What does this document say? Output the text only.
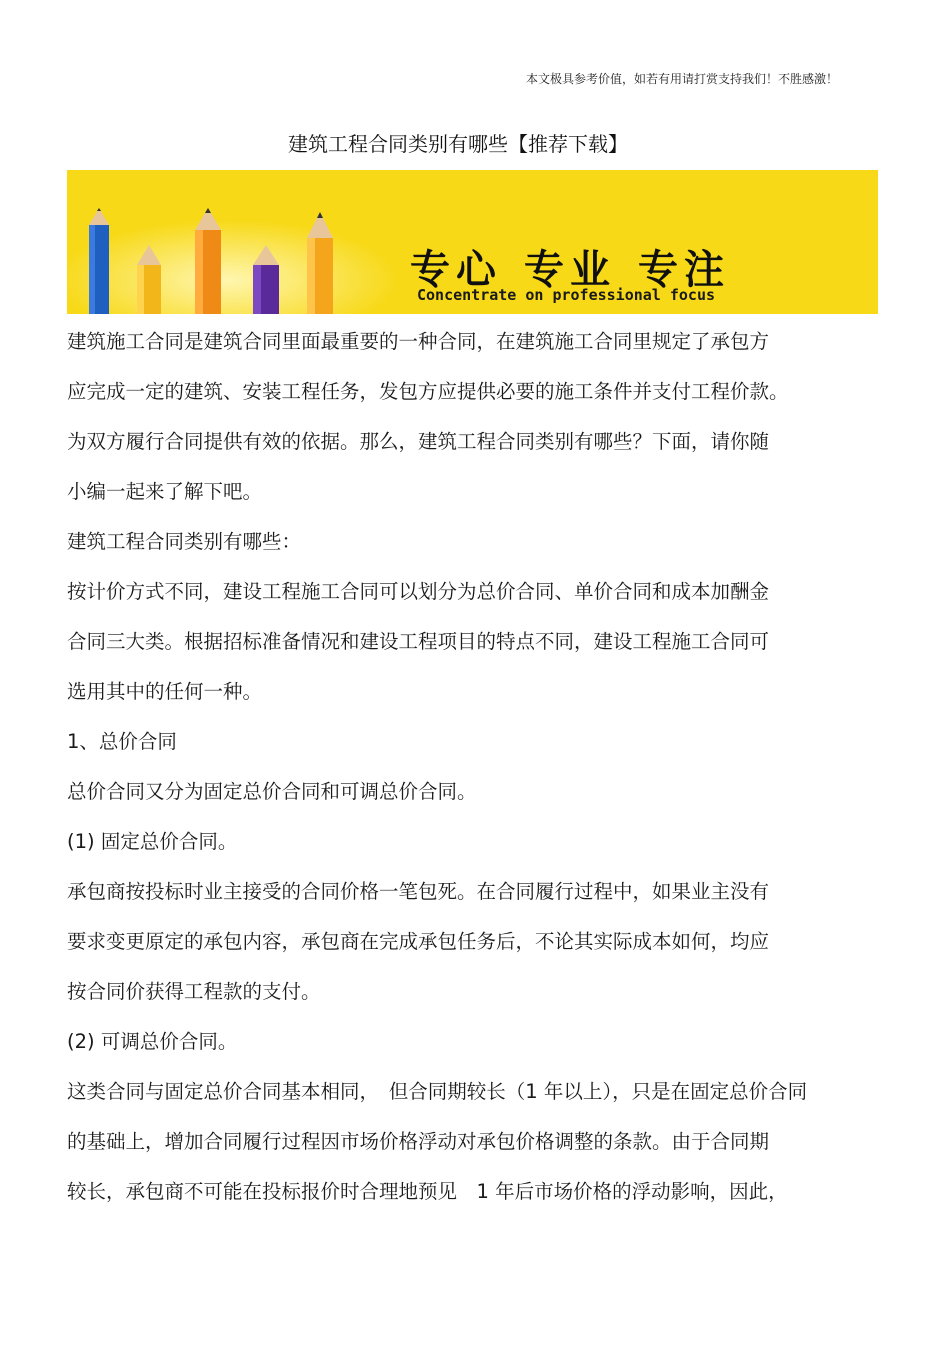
本文极具参考价值，如若有用请打赏支持我们！不胜感激！
建筑工程合同类别有哪些【推荐下载】
专心 专业 专注
Concentrate on professional focus
建筑施工合同是建筑合同里面最重要的一种合同，在建筑施工合同里规定了承包方
应完成一定的建筑、安装工程任务，发包方应提供必要的施工条件并支付工程价款。
为双方履行合同提供有效的依据。那么，建筑工程合同类别有哪些？下面，请你随
小编一起来了解下吧。
建筑工程合同类别有哪些：
按计价方式不同，建设工程施工合同可以划分为总价合同、单价合同和成本加酬金
合同三大类。根据招标准备情况和建设工程项目的特点不同，建设工程施工合同可
选用其中的任何一种。
1、总价合同
总价合同又分为固定总价合同和可调总价合同。
(1) 固定总价合同。
承包商按投标时业主接受的合同价格一笔包死。在合同履行过程中，如果业主没有
要求变更原定的承包内容，承包商在完成承包任务后，不论其实际成本如何，均应
按合同价获得工程款的支付。
(2) 可调总价合同。
这类合同与固定总价合同基本相同，　但合同期较长（1 年以上），只是在固定总价合同
的基础上，增加合同履行过程因市场价格浮动对承包价格调整的条款。由于合同期
较长，承包商不可能在投标报价时合理地预见　1 年后市场价格的浮动影响，因此，
